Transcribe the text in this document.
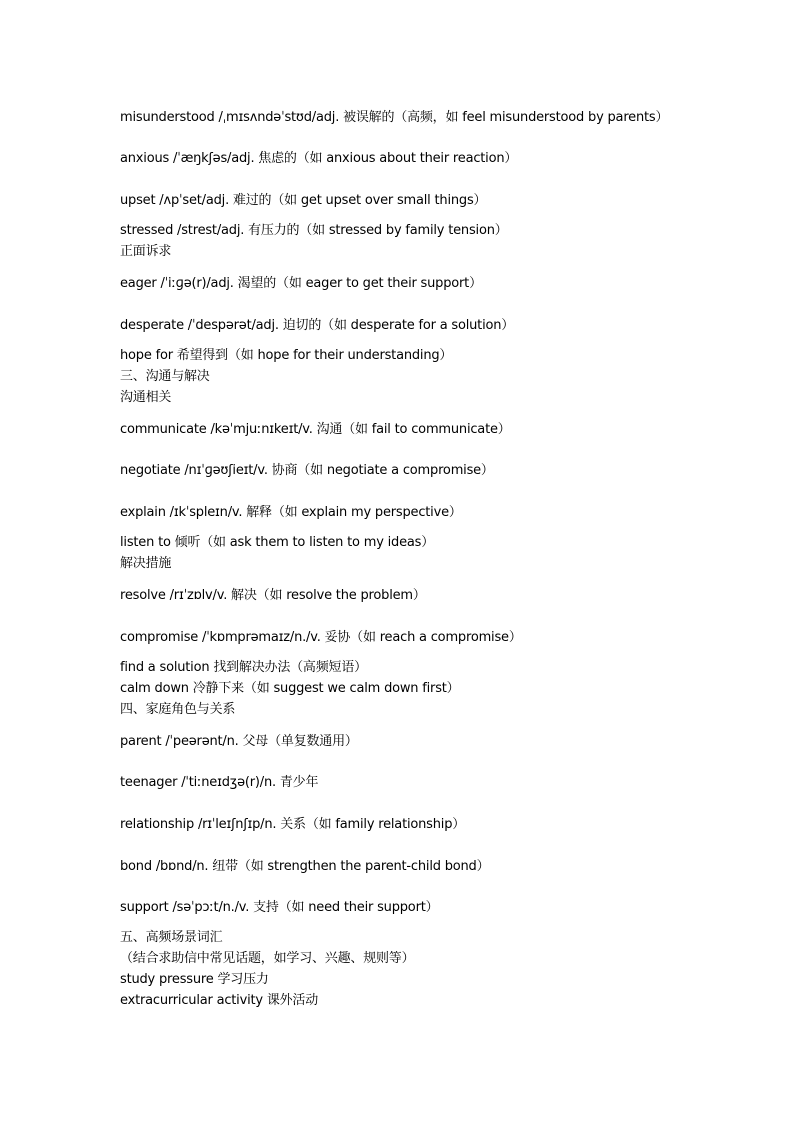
misunderstood /ˌmɪsʌndəˈstʊd/adj. 被误解的（高频，如 feel misunderstood by parents）
anxious /ˈæŋkʃəs/adj. 焦虑的（如 anxious about their reaction）
upset /ʌpˈset/adj. 难过的（如 get upset over small things）
stressed /strest/adj. 有压力的（如 stressed by family tension）
正面诉求
eager /ˈiːɡə(r)/adj. 渴望的（如 eager to get their support）
desperate /ˈdespərət/adj. 迫切的（如 desperate for a solution）
hope for 希望得到（如 hope for their understanding）
三、沟通与解决
沟通相关
communicate /kəˈmjuːnɪkeɪt/v. 沟通（如 fail to communicate）
negotiate /nɪˈɡəʊʃieɪt/v. 协商（如 negotiate a compromise）
explain /ɪkˈspleɪn/v. 解释（如 explain my perspective）
listen to 倾听（如 ask them to listen to my ideas）
解决措施
resolve /rɪˈzɒlv/v. 解决（如 resolve the problem）
compromise /ˈkɒmprəmaɪz/n./v. 妥协（如 reach a compromise）
find a solution 找到解决办法（高频短语）
calm down 冷静下来（如 suggest we calm down first）
四、家庭角色与关系
parent /ˈpeərənt/n. 父母（单复数通用）
teenager /ˈtiːneɪdʒə(r)/n. 青少年
relationship /rɪˈleɪʃnʃɪp/n. 关系（如 family relationship）
bond /bɒnd/n. 纽带（如 strengthen the parent-child bond）
support /səˈpɔːt/n./v. 支持（如 need their support）
五、高频场景词汇
（结合求助信中常见话题，如学习、兴趣、规则等）
study pressure 学习压力
extracurricular activity 课外活动
